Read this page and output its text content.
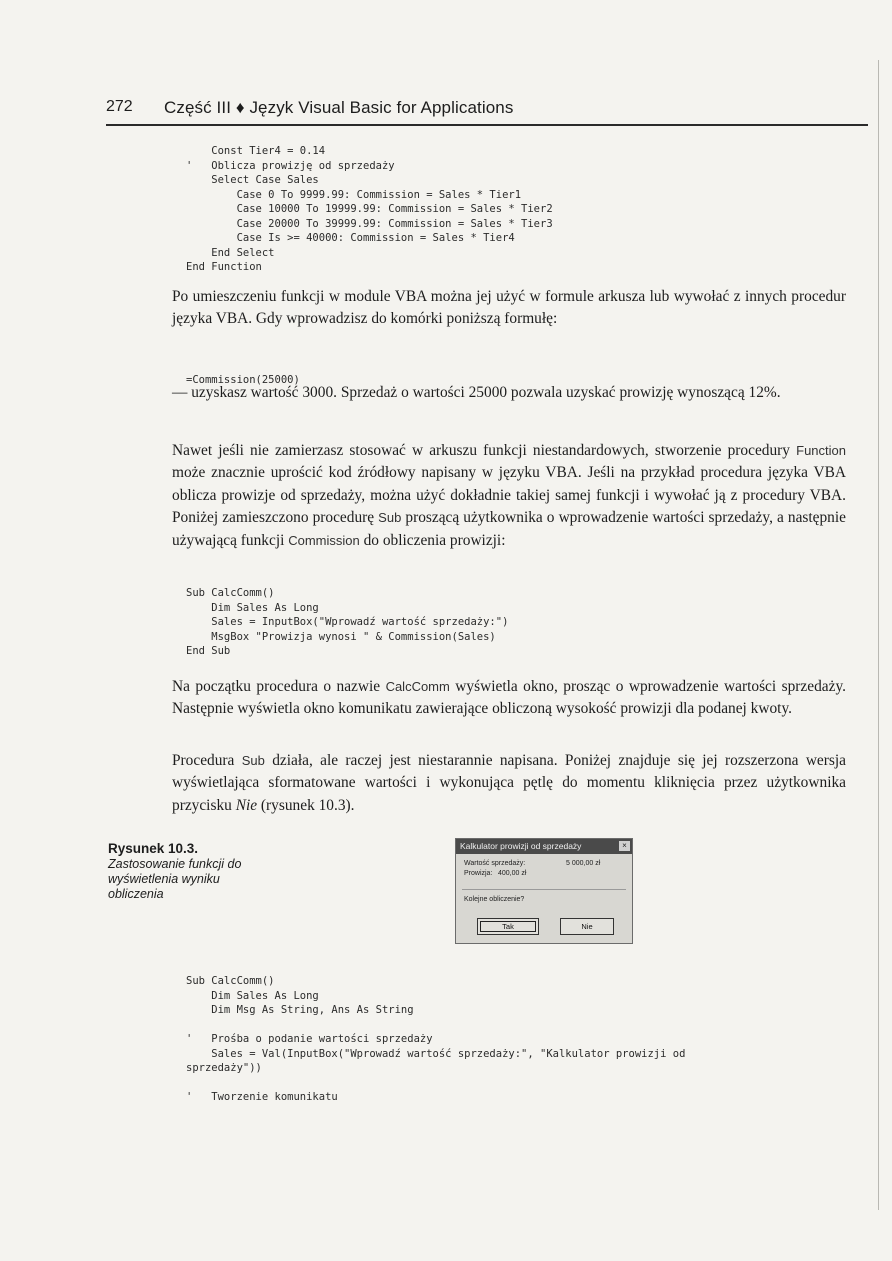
272 Część III ♦ Język Visual Basic for Applications
Const Tier4 = 0.14
'   Oblicza prowizję od sprzedaży
Select Case Sales
Case 0 To 9999.99: Commission = Sales * Tier1
Case 10000 To 19999.99: Commission = Sales * Tier2
Case 20000 To 39999.99: Commission = Sales * Tier3
Case Is >= 40000: Commission = Sales * Tier4
End Select
End Function

Po umieszczeniu funkcji w module VBA można jej użyć w formule arkusza lub wywołać z innych procedur języka VBA. Gdy wprowadzisz do komórki poniższą formułę:

=Commission(25000)

— uzyskasz wartość 3000. Sprzedaż o wartości 25000 pozwala uzyskać prowizję wynoszącą 12%.

Nawet jeśli nie zamierzasz stosować w arkuszu funkcji niestandardowych, stworzenie procedury Function może znacznie uprościć kod źródłowy napisany w języku VBA. Jeśli na przykład procedura języka VBA oblicza prowizje od sprzedaży, można użyć dokładnie takiej samej funkcji i wywołać ją z procedury VBA. Poniżej zamieszczono procedurę Sub proszącą użytkownika o wprowadzenie wartości sprzedaży, a następnie używającą funkcji Commission do obliczenia prowizji:

Sub CalcComm()
Dim Sales As Long
Sales = InputBox("Wprowadź wartość sprzedaży:")
MsgBox "Prowizja wynosi " & Commission(Sales)
End Sub

Na początku procedura o nazwie CalcComm wyświetla okno, prosząc o wprowadzenie wartości sprzedaży. Następnie wyświetla okno komunikatu zawierające obliczoną wysokość prowizji dla podanej kwoty.

Procedura Sub działa, ale raczej jest niestarannie napisana. Poniżej znajduje się jej rozszerzona wersja wyświetlająca sformatowane wartości i wykonująca pętlę do momentu kliknięcia przez użytkownika przycisku Nie (rysunek 10.3).

Rysunek 10.3.
Zastosowanie funkcji do wyświetlenia wyniku obliczenia
Kalkulator prowizji od sprzedaży	×
Wartość sprzedaży:	5 000,00 zł
Prowizja: 400,00 zł
Kolejne obliczenie?
Tak	Nie
Sub CalcComm()
Dim Sales As Long
Dim Msg As String, Ans As String
'   Prośba o podanie wartości sprzedaży
Sales = Val(InputBox("Wprowadź wartość sprzedaży:", "Kalkulator prowizji od
sprzedaży"))
'   Tworzenie komunikatu
